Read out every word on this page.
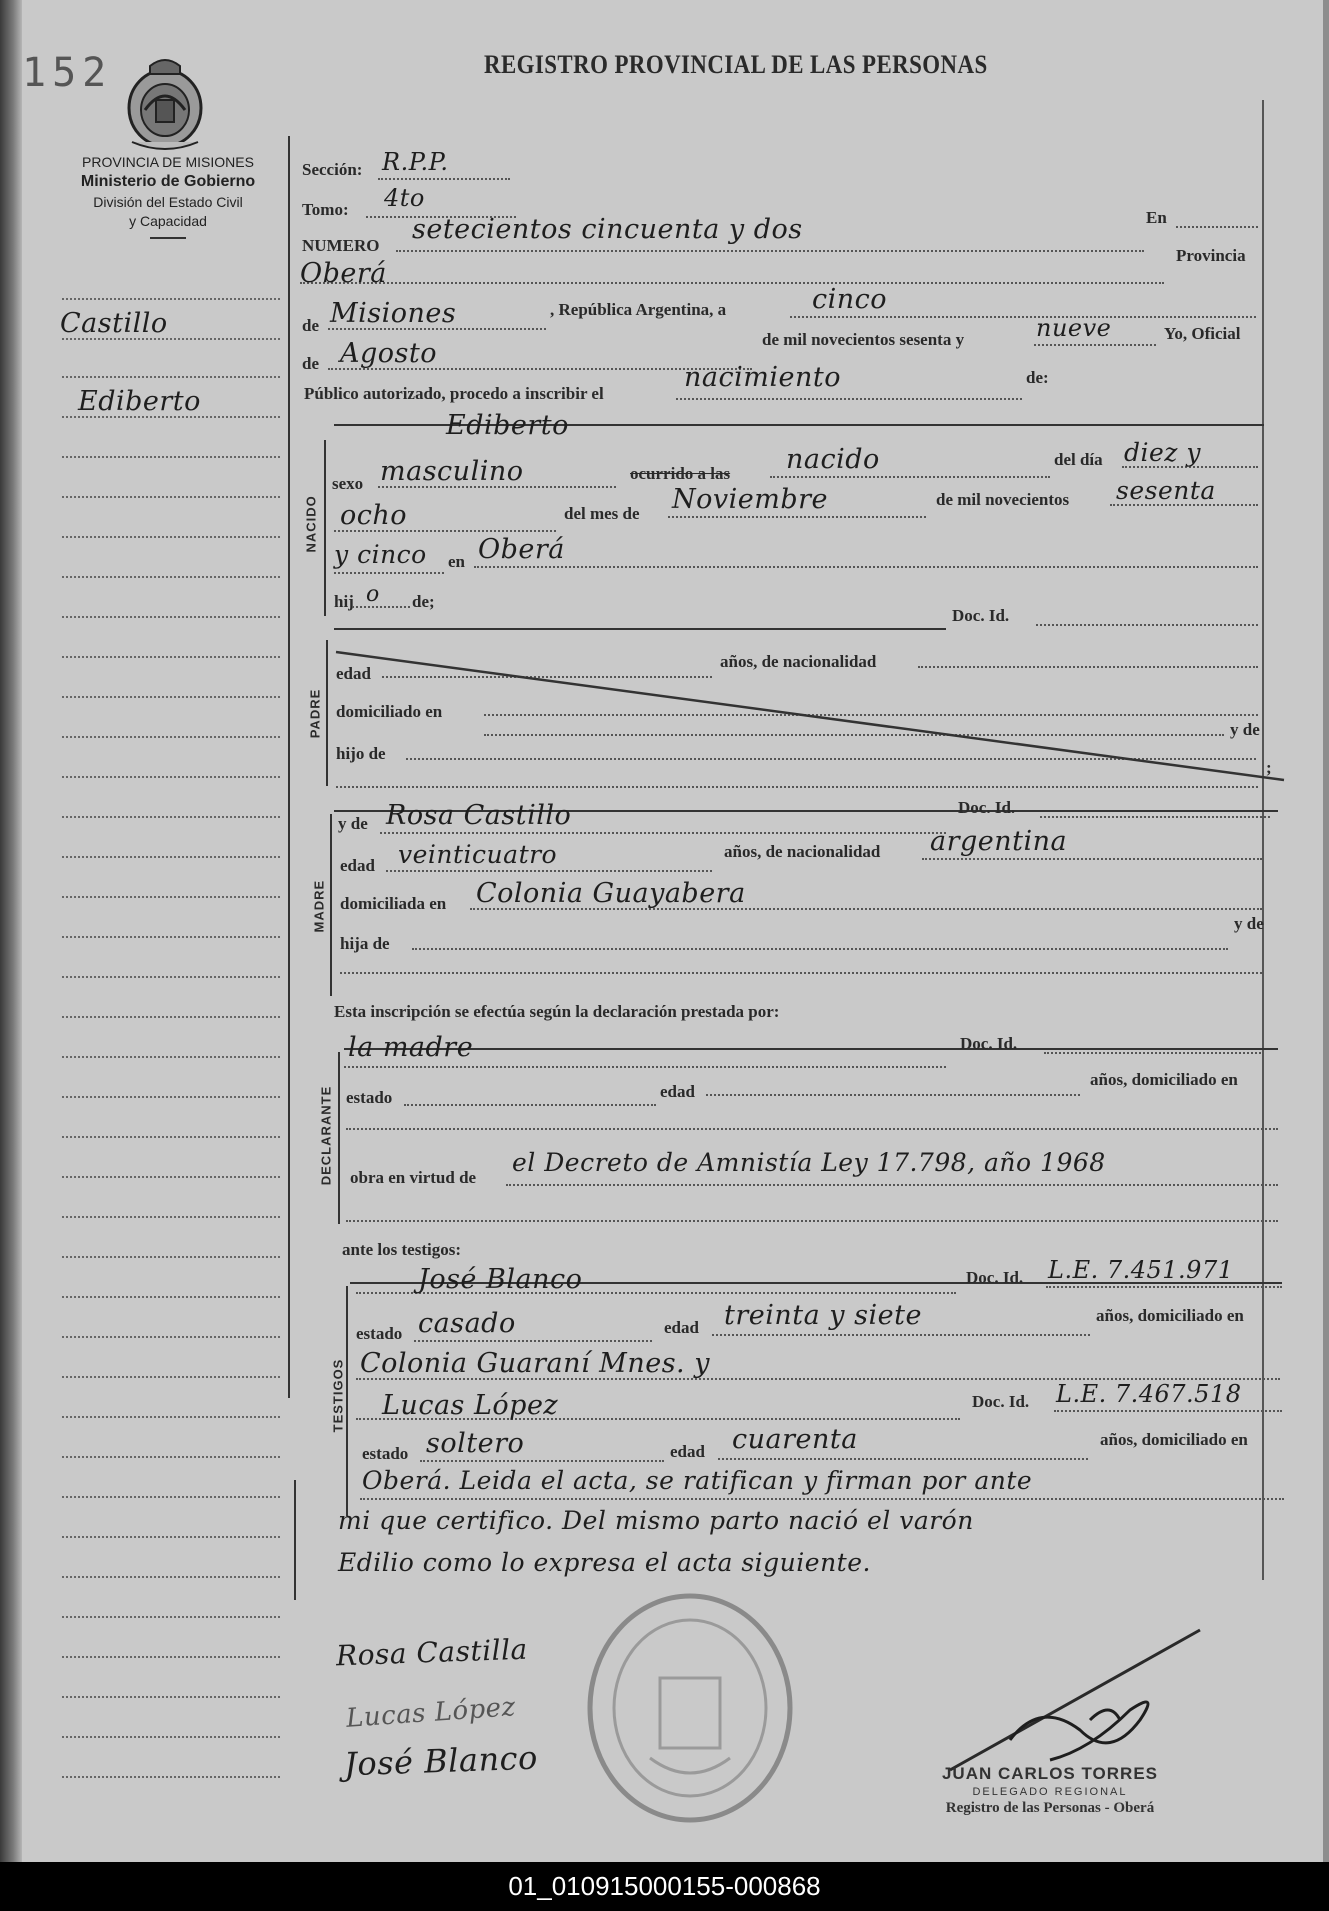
152
PROVINCIA DE MISIONES
Ministerio de Gobierno
División del Estado Civil
y Capacidad
REGISTRO PROVINCIAL DE LAS PERSONAS
Castillo
Ediberto
Sección: R.P.P.
Tomo: 4to
NUMERO
setecientos cincuenta y dos	En
Oberá
Provincia
de Misiones	, República Argentina, a	cinco
de Agosto	de mil novecientos sesenta y	nueve	Yo, Oficial
Público autorizado, procedo a inscribir el
nacimiento	de:
Ediberto
NACIDO
sexo masculino	ocurrido a las nacido	del día diez y
ocho	del mes de Noviembre	de mil novecientos sesenta
y cinco en Oberá
hij o de;
Doc. Id.
PADRE
edad
años, de nacionalidad
domiciliado en
y de
hijo de
;
MADRE
y de Rosa Castillo	Doc. Id.
edad veinticuatro	años, de nacionalidad argentina
domiciliada en Colonia Guayabera
hija de
y de
Esta inscripción se efectúa según la declaración prestada por:
DECLARANTE
la madre	Doc. Id.
estado	edad
años, domiciliado en
obra en virtud de
el Decreto de Amnistía Ley 17.798, año 1968
ante los testigos:
TESTIGOS
José Blanco	Doc. Id. L.E. 7.451.971
estado casado	edad treinta y siete	años, domiciliado en
Colonia Guaraní Mnes. y
Lucas López	Doc. Id. L.E. 7.467.518
estado soltero	edad cuarenta	años, domiciliado en
Oberá. Leida el acta, se ratifican y firman por ante
mi que certifico. Del mismo parto nació el varón
Edilio como lo expresa el acta siguiente.
Rosa Castilla
Lucas López
José Blanco	JUAN CARLOS TORRES
DELEGADO REGIONAL
Registro de las Personas - Oberá
01_010915000155-000868
